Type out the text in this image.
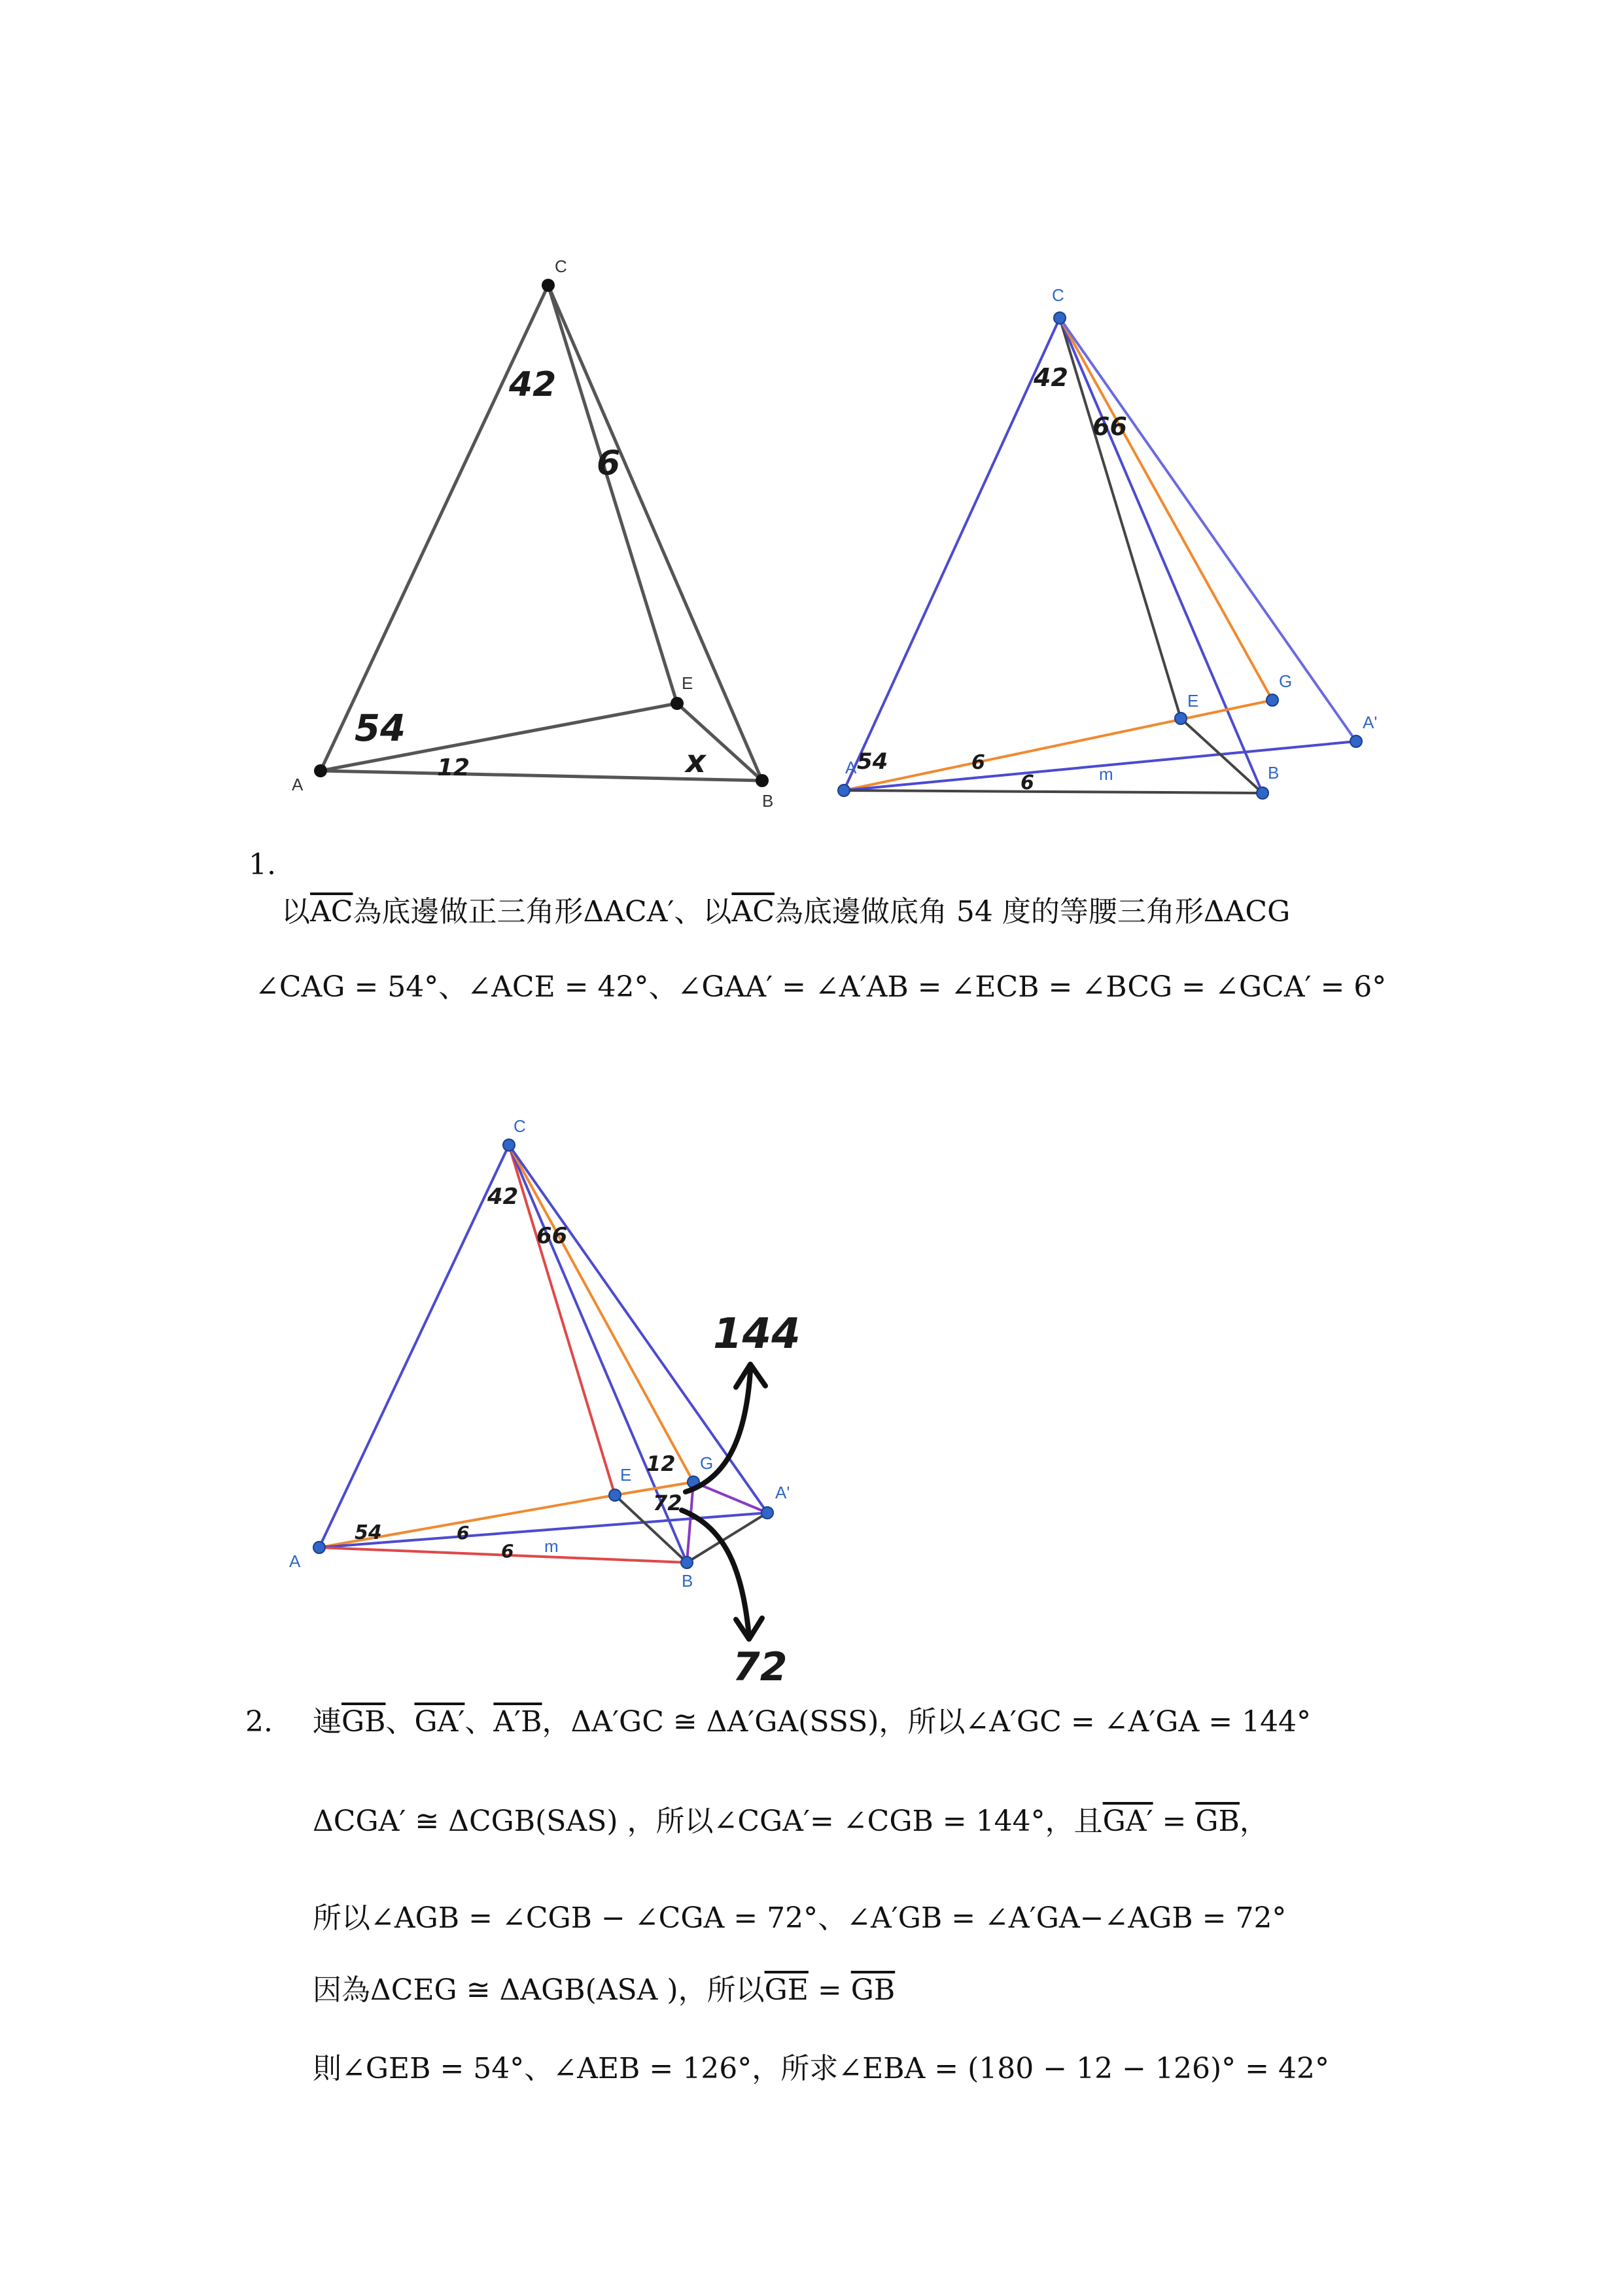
C
A
B
E
42
6
54
12	x
C
A	B
E
G
A'
m
42
66
54	6
6
1.
以$\overline{AC}$為底邊做正三角形ΔACA′、以$\overline{AC}$為底邊做底角 54 度的等腰三角形ΔACG
∠CAG = 54°、∠ACE = 42°、∠GAA′ = ∠A′AB = ∠ECB = ∠BCG = ∠GCA′ = 6°
C
A
B
E
G
A'
m
42
66
54	6
6
12
72
144
72
2. 連$\overline{GB}$、GA′、A′B，ΔA′GC ≅ ΔA′GA(SSS)，所以∠A′GC = ∠A′GA = 144°
ΔCGA′ ≅ ΔCGB(SAS) ，所以∠CGA′= ∠CGB = 144°，且$GA' = \overline{GB}$，
所以∠AGB = ∠CGB − ∠CGA = 72°、∠A′GB = ∠A′GA−∠AGB = 72°
因為ΔCEG ≅ ΔAGB(ASA )，所以$\overline{GE} = \overline{GB}$
則∠GEB = 54°、∠AEB = 126°，所求∠EBA = (180 − 12 − 126)° = 42°
